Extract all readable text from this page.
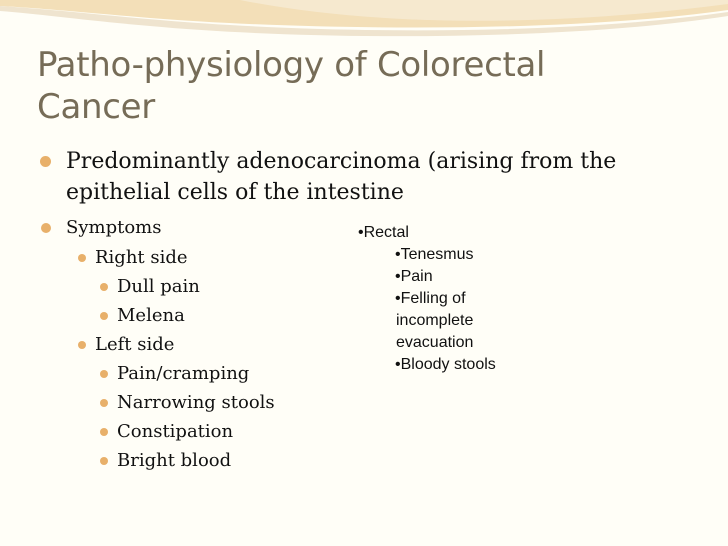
Patho-physiology of Colorectal
Cancer
Predominantly adenocarcinoma (arising from the
epithelial cells of the intestine
Symptoms
Right side
Dull pain
Melena
Left side
Pain/cramping
Narrowing stools
Constipation
Bright blood
•Rectal
•Tenesmus
•Pain
•Felling of
incomplete
evacuation
•Bloody stools
